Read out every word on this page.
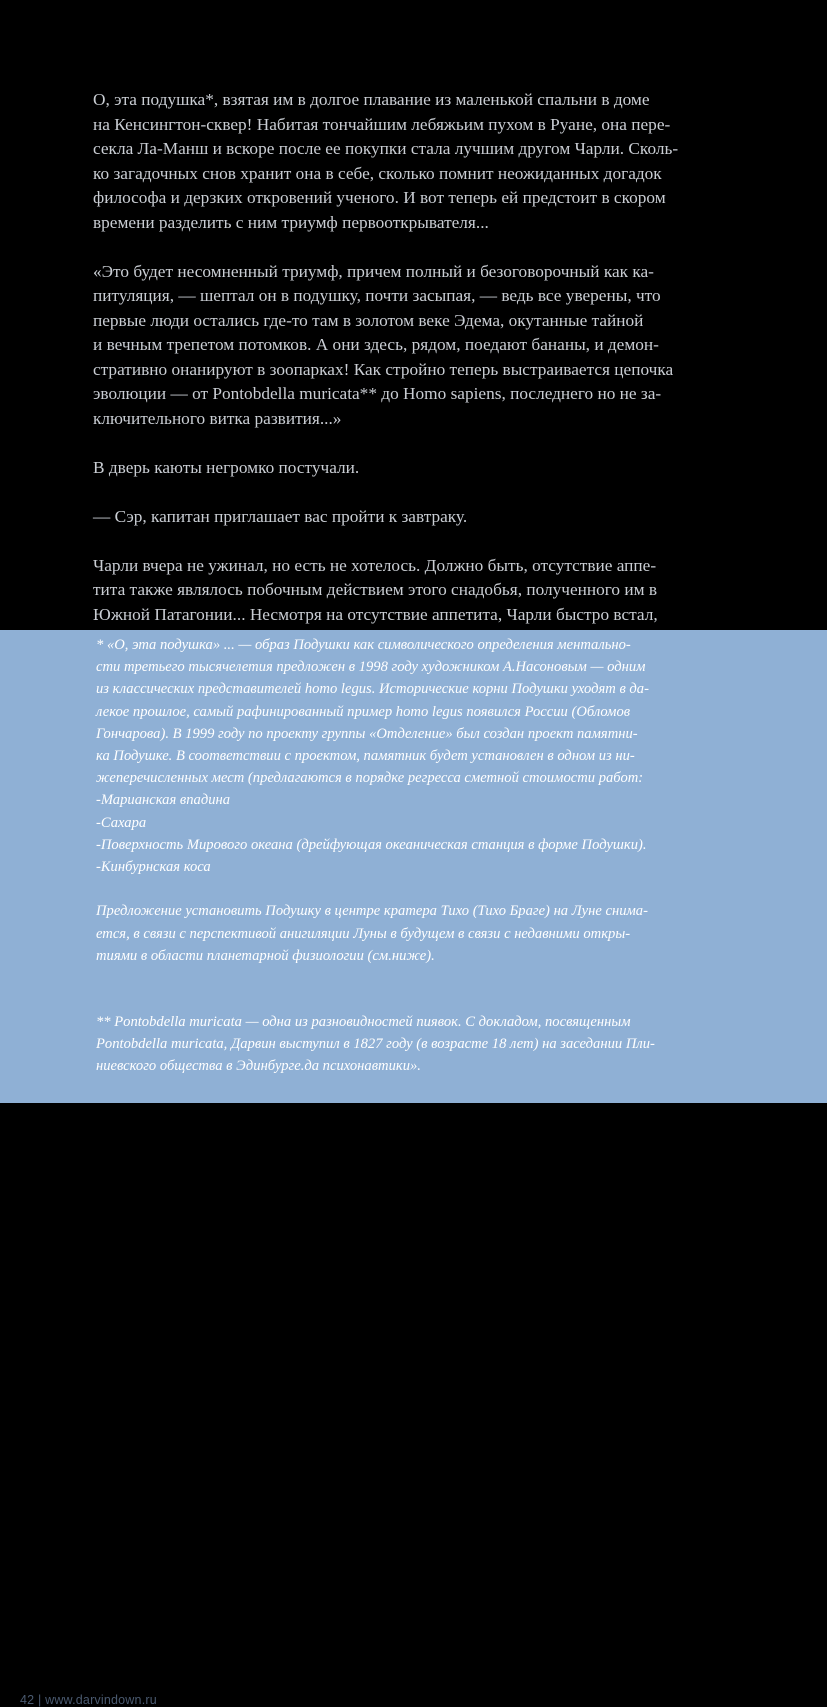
О, эта подушка*, взятая им в долгое плавание из маленькой спальни в доме
на Кенсингтон-сквер! Набитая тончайшим лебяжьим пухом в Руане, она пере-
секла Ла-Манш и вскоре после ее покупки стала лучшим другом Чарли. Сколь-
ко загадочных снов хранит она в себе, сколько помнит неожиданных догадок
философа и дерзких откровений ученого. И вот теперь ей предстоит в скором
времени разделить с ним триумф первооткрывателя...

«Это будет несомненный триумф, причем полный и безоговорочный как ка-
питуляция, — шептал он в подушку, почти засыпая, — ведь все уверены, что
первые люди остались где-то там в золотом веке Эдема, окутанные тайной
и вечным трепетом потомков. А они здесь, рядом, поедают бананы, и демон-
стративно онанируют в зоопарках! Как стройно теперь выстраивается цепочка
эволюции — от Pontobdella muricata** до Homo sapiens, последнего но не за-
ключительного витка развития...»

В дверь каюты негромко постучали.

— Сэр, капитан приглашает вас пройти к завтраку.

Чарли вчера не ужинал, но есть не хотелось. Должно быть, отсутствие аппе-
тита также являлось побочным действием этого снадобья, полученного им в
Южной Патагонии... Несмотря на отсутствие аппетита, Чарли быстро встал,

* «О, эта подушка» ... — образ Подушки как символического определения ментально-
сти третьего тысячелетия предложен в 1998 году художником А.Насоновым — одним
из классических представителей homo legus. Исторические корни Подушки уходят в да-
лекое прошлое, самый рафинированный пример homo legus появился России (Обломов
Гончарова). В 1999 году по проекту группы «Отделение» был создан проект памятни-
ка Подушке. В соответствии с проектом, памятник будет установлен в одном из ни-
жеперечисленных мест (предлагаются в порядке регресса сметной стоимости работ:
-Марианская впадина
-Сахара
-Поверхность Мирового океана (дрейфующая океаническая станция в форме Подушки).
-Кинбурнская коса
Предложение установить Подушку в центре кратера Тихо (Тихо Браге) на Луне снима-
ется, в связи с перспективой анигиляции Луны в будущем в связи с недавними откры-
тиями в области планетарной физиологии (см.ниже).
** Pontobdella muricata — одна из разновидностей пиявок. С докладом, посвященным
Pontobdella muricata, Дарвин выступил в 1827 году (в возрасте 18 лет) на заседании Пли-
ниевского общества в Эдинбурге.да психонавтики».
42 | www.darvindown.ru
